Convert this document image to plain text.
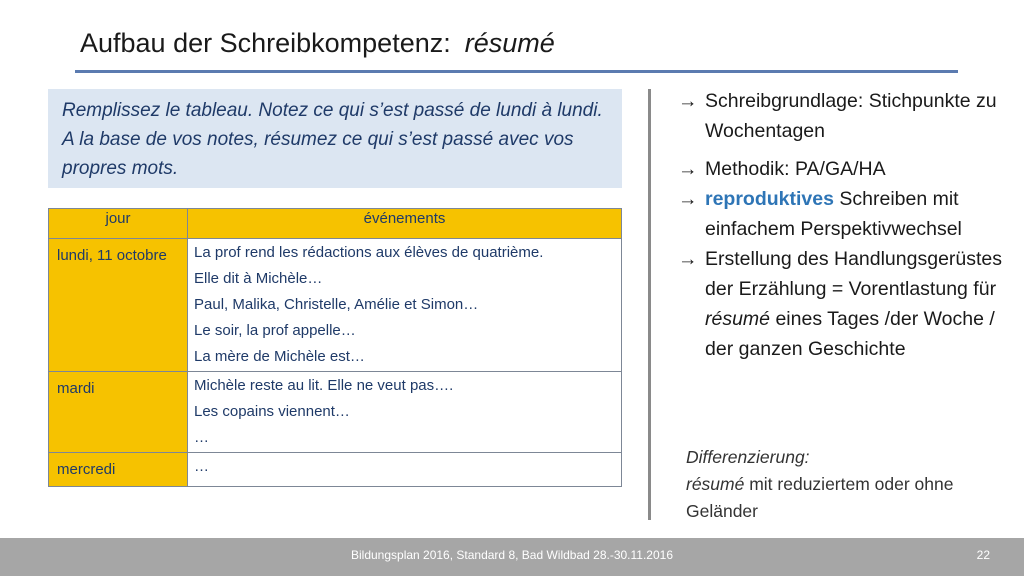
Aufbau der Schreibkompetenz: résumé
Remplissez le tableau. Notez ce qui s’est passé de lundi à lundi. A la base de vos notes, résumez ce qui s’est passé avec vos propres mots.
jour	événements
lundi, 11 octobre	La prof rend les rédactions aux élèves de quatrième.
Elle dit à Michèle…
Paul, Malika, Christelle, Amélie et Simon…
Le soir, la prof appelle…
La mère de Michèle est…

mardi	Michèle reste au lit. Elle ne veut pas….
Les copains viennent…
…

mercredi	…
→ Schreibgrundlage: Stichpunkte zu Wochentagen
→ Methodik: PA/GA/HA
→ reproduktives Schreiben mit einfachem Perspektivwechsel
→ Erstellung des Handlungsgerüstes der Erzählung = Vorentlastung für résumé eines Tages /der Woche / der ganzen Geschichte
Differenzierung:
résumé mit reduziertem oder ohne Geländer
Bildungsplan 2016, Standard 8, Bad Wildbad 28.-30.11.2016	22
